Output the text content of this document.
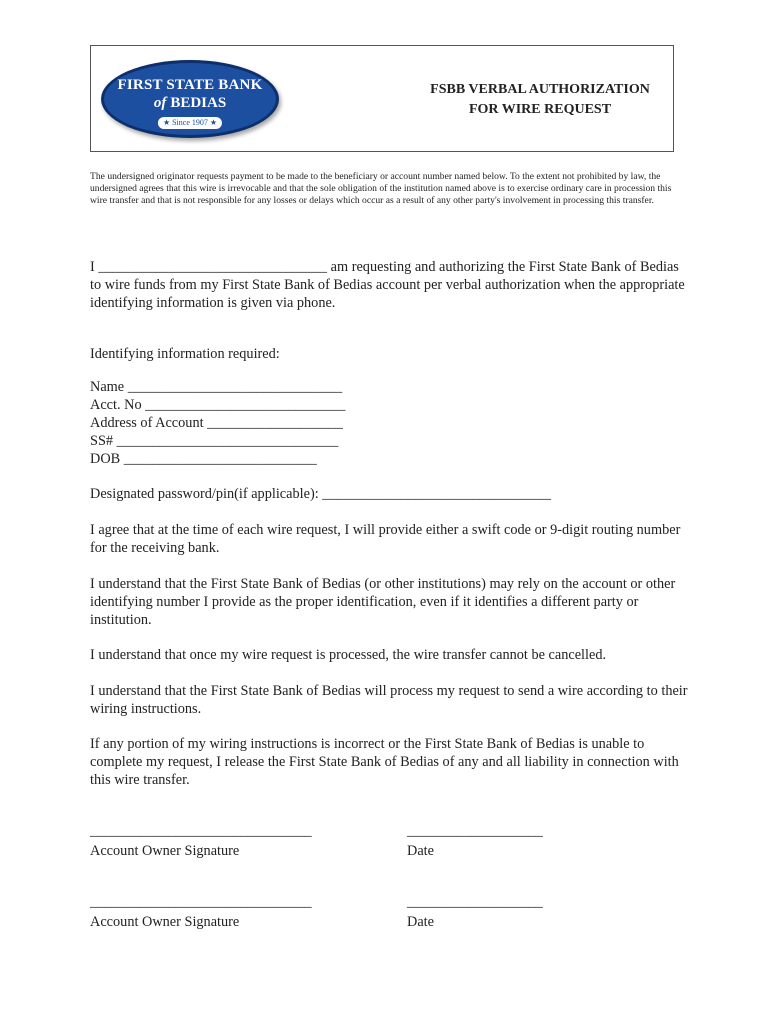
FIRST STATE BANK
of BEDIAS
★ Since 1907 ★
FSBB VERBAL AUTHORIZATION
FOR WIRE REQUEST
The undersigned originator requests payment to be made to the beneficiary or account number named below. To the extent not prohibited by law, the undersigned agrees that this wire is irrevocable and that the sole obligation of the institution named above is to exercise ordinary care in procession this wire transfer and that is not responsible for any losses or delays which occur as a result of any other party's involvement in processing this transfer.

I ________________________________ am requesting and authorizing the First State Bank of Bedias to wire funds from my First State Bank of Bedias account per verbal authorization when the appropriate identifying information is given via phone.

Identifying information required:

Name ______________________________

Acct. No ____________________________

Address of Account ___________________

SS# _______________________________

DOB ___________________________

Designated password/pin(if applicable): ________________________________

I agree that at the time of each wire request, I will provide either a swift code or 9-digit routing number for the receiving bank.

I understand that the First State Bank of Bedias (or other institutions) may rely on the account or other identifying number I provide as the proper identification, even if it identifies a different party or institution.

I understand that once my wire request is processed, the wire transfer cannot be cancelled.

I understand that the First State Bank of Bedias will process my request to send a wire according to their wiring instructions.

If any portion of my wiring instructions is incorrect or the First State Bank of Bedias is unable to complete my request, I release the First State Bank of Bedias of any and all liability in connection with this wire transfer.

_______________________________	___________________
Account Owner Signature	Date
_______________________________	___________________
Account Owner Signature	Date
